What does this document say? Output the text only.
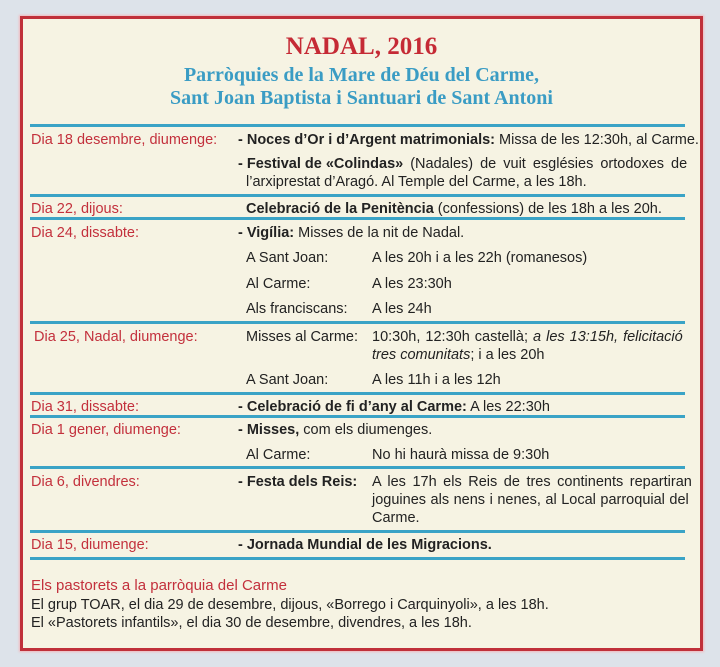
NADAL, 2016
Parròquies de la Mare de Déu del Carme,
Sant Joan Baptista i Santuari de Sant Antoni
Dia 18 desembre, diumenge: - Noces d’Or i d’Argent matrimonials: Missa de les 12:30h, al Carme.
- Festival de «Colindas» (Nadales) de vuit esglésies ortodoxes de
l’arxiprestat d’Aragó. Al Temple del Carme, a les 18h.
Dia 22, dijous:	Celebració de la Penitència (confessions) de les 18h a les 20h.
Dia 24, dissabte:	- Vigília: Misses de la nit de Nadal.
A Sant Joan:	A les 20h i a les 22h (romanesos)
Al Carme:	A les 23:30h
Als franciscans: A les 24h
Dia 25, Nadal, diumenge:	Misses al Carme: 10:30h, 12:30h castellà; a les 13:15h, felicitació
tres comunitats; i a les 20h
A Sant Joan:	A les 11h i a les 12h
Dia 31, dissabte:	- Celebració de fi d’any al Carme: A les 22:30h
Dia 1 gener, diumenge:	- Misses, com els diumenges.
Al Carme:	No hi haurà missa de 9:30h
Dia 6, divendres:	- Festa dels Reis: A les 17h els Reis de tres continents repartiran
joguines als nens i nenes, al Local parroquial del
Carme.
Dia 15, diumenge:	- Jornada Mundial de les Migracions.
Els pastorets a la parròquia del Carme
El grup TOAR, el dia 29 de desembre, dijous, «Borrego i Carquinyoli», a les 18h.
El «Pastorets infantils», el dia 30 de desembre, divendres, a les 18h.
